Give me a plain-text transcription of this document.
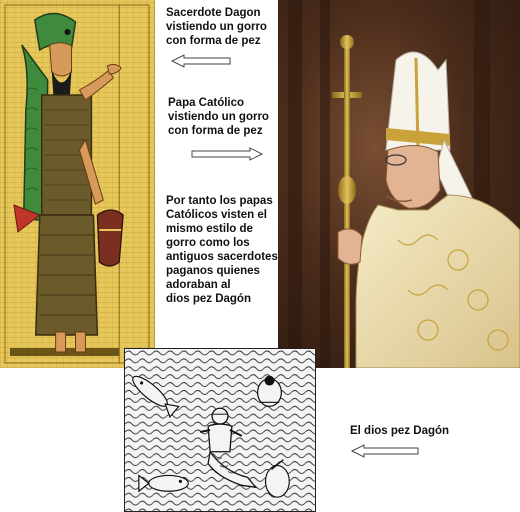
Sacerdote Dagon
vistiendo un gorro
con forma de pez
Papa Católico
vistiendo un gorro
con forma de pez
Por tanto los papas
Católicos visten el
mismo estilo de
gorro como los
antiguos sacerdotes
paganos quienes
adoraban al
dios pez Dagón
El dios pez Dagón
